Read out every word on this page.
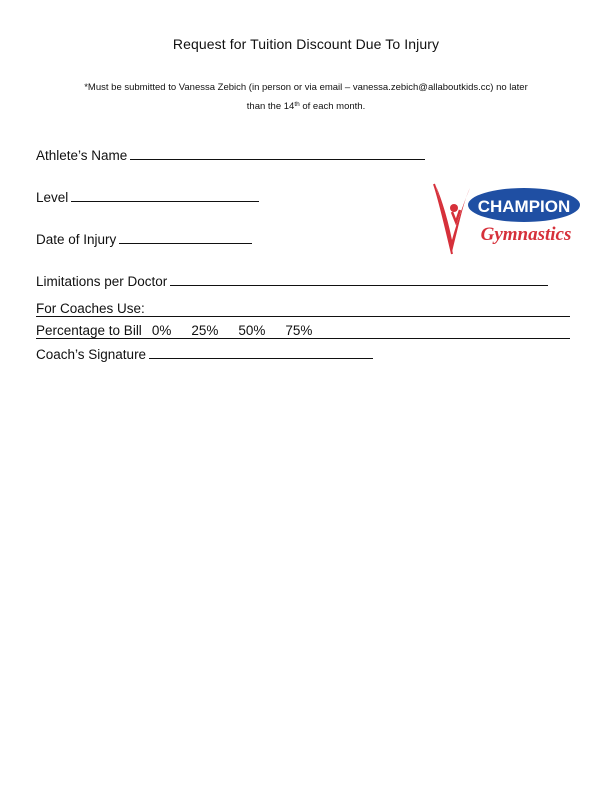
Request for Tuition Discount Due To Injury
*Must be submitted to Vanessa Zebich (in person or via email – vanessa.zebich@allaboutkids.cc) no later
than the 14th of each month.
Athlete’s Name
Level
Date of Injury
Limitations per Doctor
For Coaches Use:
Percentage to Bill 0% 25% 50% 75%
Coach’s Signature
CHAMPION
Gymnastics
